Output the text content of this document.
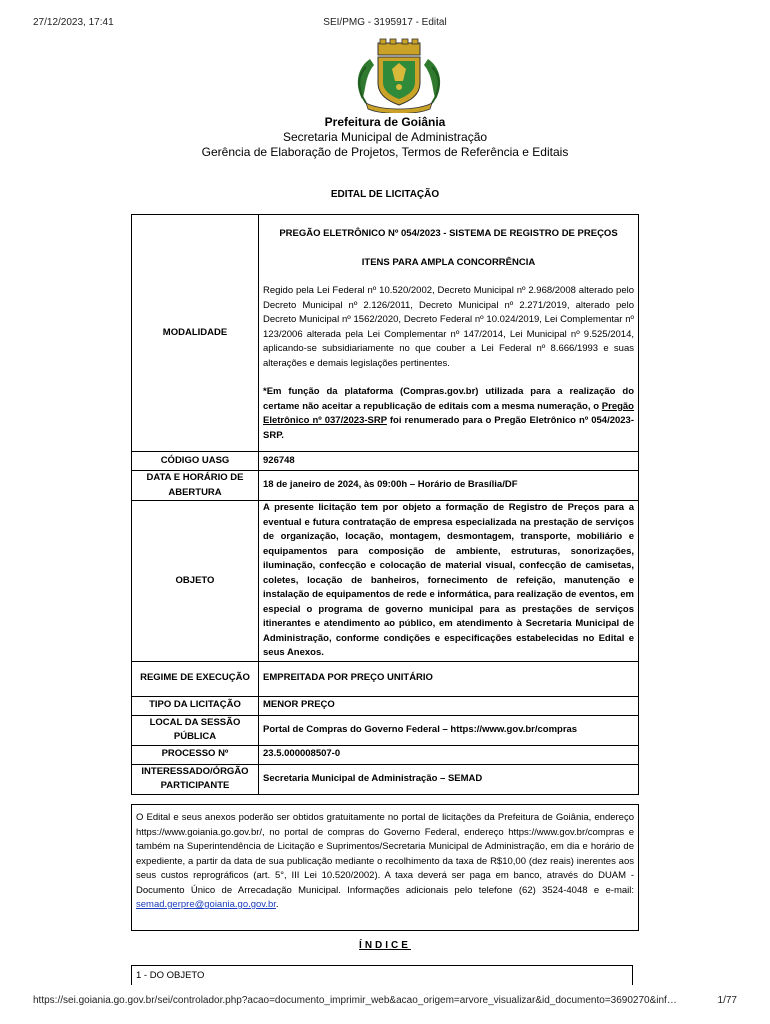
27/12/2023, 17:41	SEI/PMG - 3195917 - Edital
Prefeitura de Goiânia
Secretaria Municipal de Administração
Gerência de Elaboração de Projetos, Termos de Referência e Editais
EDITAL DE LICITAÇÃO
MODALIDADE	PREGÃO ELETRÔNICO Nº 054/2023 - SISTEMA DE REGISTRO DE PREÇOS
ITENS PARA AMPLA CONCORRÊNCIA
Regido pela Lei Federal nº 10.520/2002, Decreto Municipal nº 2.968/2008 alterado pelo Decreto Municipal nº 2.126/2011, Decreto Municipal nº 2.271/2019, alterado pelo Decreto Municipal nº 1562/2020, Decreto Federal nº 10.024/2019, Lei Complementar nº 123/2006 alterada pela Lei Complementar nº 147/2014, Lei Municipal nº 9.525/2014, aplicando-se subsidiariamente no que couber a Lei Federal nº 8.666/1993 e suas alterações e demais legislações pertinentes.
*Em função da plataforma (Compras.gov.br) utilizada para a realização do certame não aceitar a republicação de editais com a mesma numeração, o Pregão Eletrônico nº 037/2023-SRP foi renumerado para o Pregão Eletrônico nº 054/2023-SRP.

CÓDIGO UASG	926748
DATA E HORÁRIO DE ABERTURA	18 de janeiro de 2024, às 09:00h – Horário de Brasília/DF
OBJETO	A presente licitação tem por objeto a formação de Registro de Preços para a eventual e futura contratação de empresa especializada na prestação de serviços de organização, locação, montagem, desmontagem, transporte, mobiliário e equipamentos para composição de ambiente, estruturas, sonorizações, iluminação, confecção e colocação de material visual, confecção de camisetas, coletes, locação de banheiros, fornecimento de refeição, manutenção e instalação de equipamentos de rede e informática, para realização de eventos, em especial o programa de governo municipal para as prestações de serviços itinerantes e atendimento ao público, em atendimento à Secretaria Municipal de Administração, conforme condições e especificações estabelecidas no Edital e seus Anexos.
REGIME DE EXECUÇÃO	EMPREITADA POR PREÇO UNITÁRIO
TIPO DA LICITAÇÃO	MENOR PREÇO
LOCAL DA SESSÃO PÚBLICA	Portal de Compras do Governo Federal – https://www.gov.br/compras
PROCESSO Nº	23.5.000008507-0
INTERESSADO/ÓRGÃO PARTICIPANTE	Secretaria Municipal de Administração – SEMAD
O Edital e seus anexos poderão ser obtidos gratuitamente no portal de licitações da Prefeitura de Goiânia, endereço https://www.goiania.go.gov.br/, no portal de compras do Governo Federal, endereço https://www.gov.br/compras e também na Superintendência de Licitação e Suprimentos/Secretaria Municipal de Administração, em dia e horário de expediente, a partir da data de sua publicação mediante o recolhimento da taxa de R$10,00 (dez reais) inerentes aos seus custos reprográficos (art. 5°, III Lei 10.520/2002). A taxa deverá ser paga em banco, através do DUAM - Documento Único de Arrecadação Municipal. Informações adicionais pelo telefone (62) 3524-4048 e e-mail: semad.gerpre@goiania.go.gov.br.
ÍNDICE
1 - DO OBJETO
https://sei.goiania.go.gov.br/sei/controlador.php?acao=documento_imprimir_web&acao_origem=arvore_visualizar&id_documento=3690270&inf…	1/77
